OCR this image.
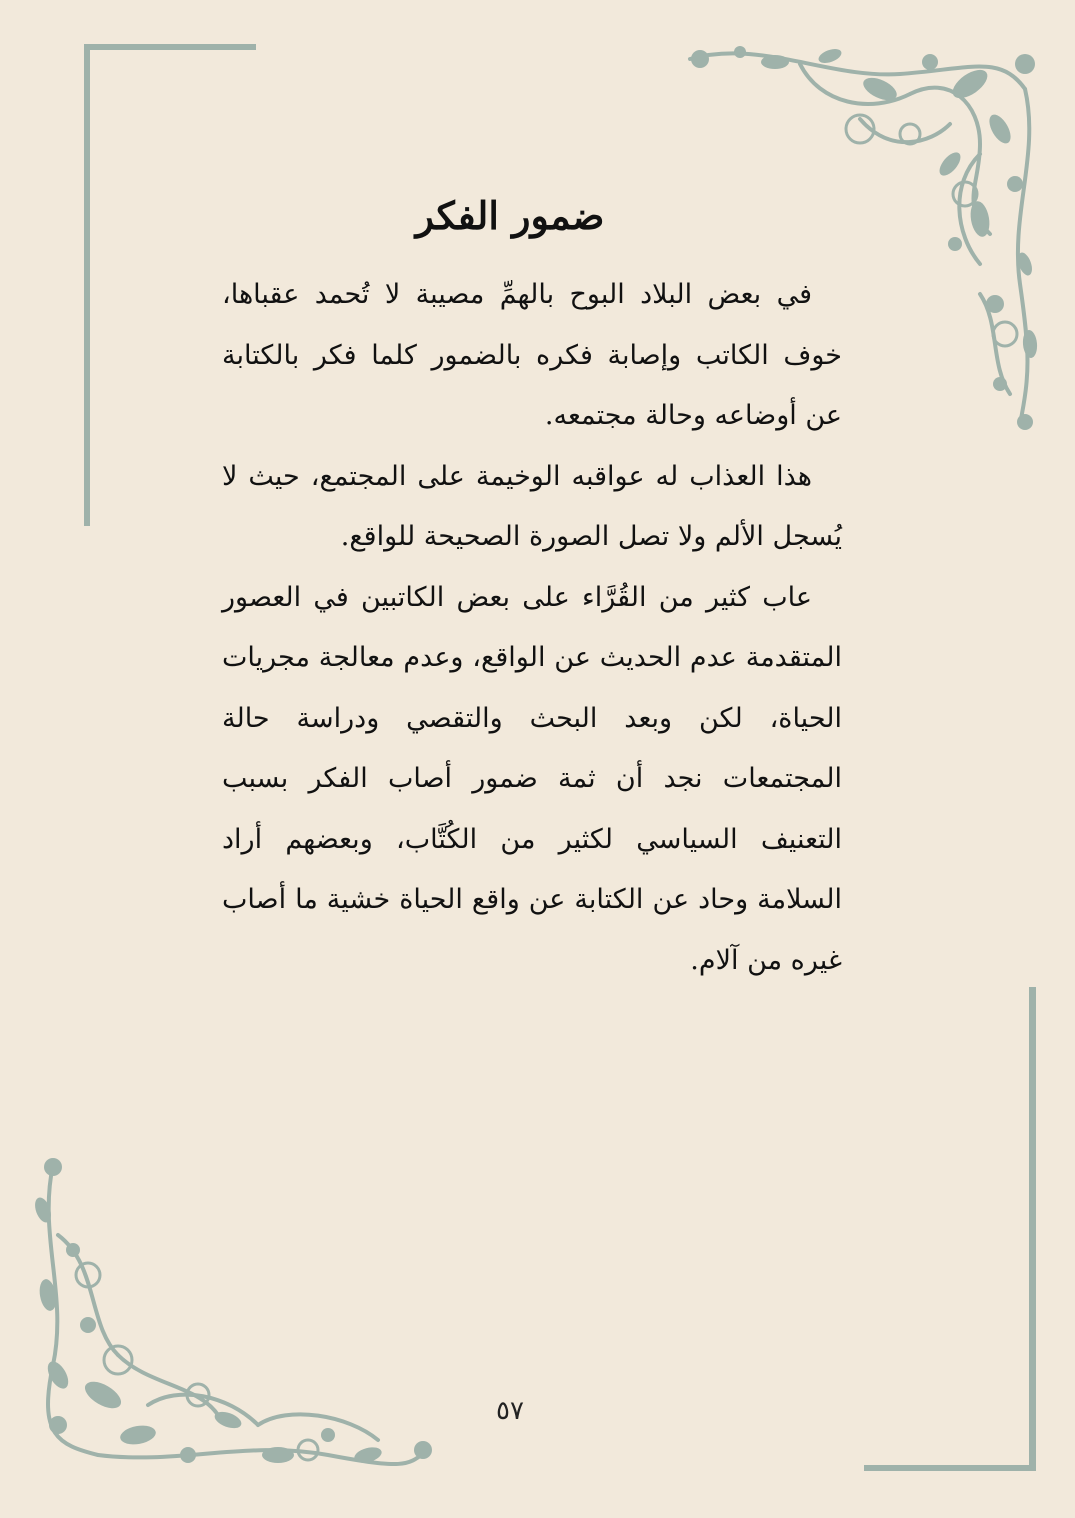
ضمور الفكر

في بعض البلاد البوح بالهمِّ مصيبة لا تُحمد عقباها، خوف الكاتب وإصابة فكره بالضمور كلما فكر بالكتابة عن أوضاعه وحالة مجتمعه.

هذا العذاب له عواقبه الوخيمة على المجتمع، حيث لا يُسجل الألم ولا تصل الصورة الصحيحة للواقع.

عاب كثير من القُرَّاء على بعض الكاتبين في العصور المتقدمة عدم الحديث عن الواقع، وعدم معالجة مجريات الحياة، لكن وبعد البحث والتقصي ودراسة حالة المجتمعات نجد أن ثمة ضمور أصاب الفكر بسبب التعنيف السياسي لكثير من الكُتَّاب، وبعضهم أراد السلامة وحاد عن الكتابة عن واقع الحياة خشية ما أصاب غيره من آلام.

٥٧
